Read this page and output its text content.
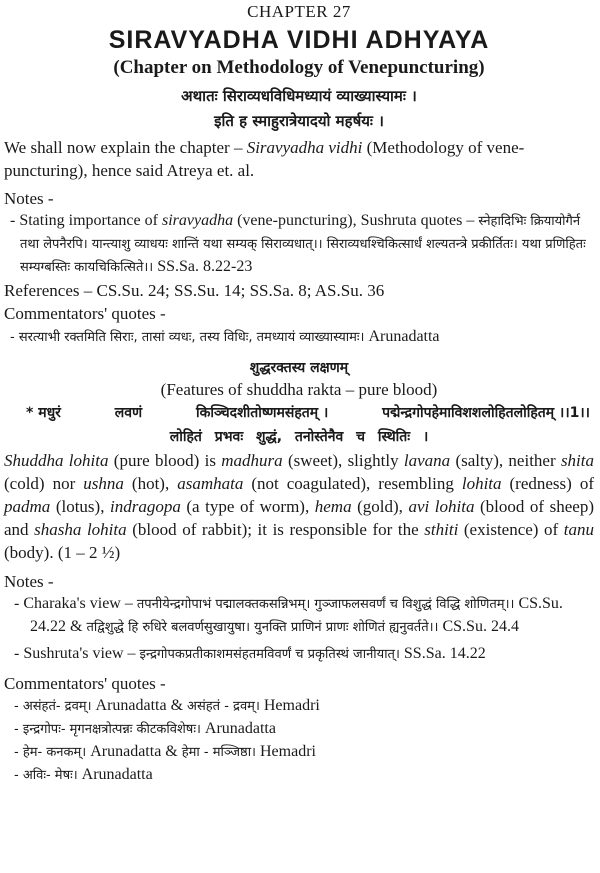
CHAPTER 27
SIRAVYADHA VIDHI ADHYAYA
(Chapter on Methodology of Venepuncturing)
अथातः सिराव्यधविधिमध्यायं व्याख्यास्यामः ।
इति ह स्माहुरात्रेयादयो महर्षयः ।

We shall now explain the chapter – Siravyadha vidhi (Methodology of vene-puncturing), hence said Atreya et. al.

Notes -

- Stating importance of siravyadha (vene-puncturing), Sushruta quotes – स्नेहादिभिः क्रियायोगैर्न तथा लेपनैरपि। यान्त्याशु व्याधयः शान्तिं यथा सम्यक् सिराव्यधात्।। सिराव्यधश्चिकित्सार्धं शल्यतन्त्रे प्रकीर्तितः। यथा प्रणिहितः सम्यग्बस्तिः कायचिकित्सिते।। SS.Sa. 8.22-23

References – CS.Su. 24; SS.Su. 14; SS.Sa. 8; AS.Su. 36

Commentators' quotes -

- सरत्याभी रक्तमिति सिराः, तासां व्यधः, तस्य विधिः, तमध्यायं व्याख्यास्यामः। Arunadatta

शुद्धरक्तस्य लक्षणम्
(Features of shuddha rakta – pure blood)
* मधुरं	लवणं	किञ्चिदशीतोष्णमसंहतम् ।	पद्मेन्द्रगोपहेमाविशशलोहितलोहितम् ।।1।।
लोहितं प्रभवः शुद्धं, तनोस्तेनैव च स्थितिः ।

Shuddha lohita (pure blood) is madhura (sweet), slightly lavana (salty), neither shita (cold) nor ushna (hot), asamhata (not coagulated), resembling lohita (redness) of padma (lotus), indragopa (a type of worm), hema (gold), avi lohita (blood of sheep) and shasha lohita (blood of rabbit); it is responsible for the sthiti (existence) of tanu (body). (1 – 2 ½)

Notes -

- Charaka's view – तपनीयेन्द्रगोपाभं पद्मालक्तकसन्निभम्। गुञ्जाफलसवर्णं च विशुद्धं विद्धि शोणितम्।। CS.Su. 24.22 & तद्विशुद्धे हि रुधिरे बलवर्णसुखायुषा। युनक्ति प्राणिनं प्राणः शोणितं ह्यनुवर्तते।। CS.Su. 24.4

- Sushruta's view – इन्द्रगोपकप्रतीकाशमसंहतमविवर्णं च प्रकृतिस्थं जानीयात्। SS.Sa. 14.22

Commentators' quotes -

- असंहतं- द्रवम्। Arunadatta & असंहतं - द्रवम्। Hemadri
- इन्द्रगोपः- मृगनक्षत्रोत्पन्नः कीटकविशेषः। Arunadatta
- हेम- कनकम्। Arunadatta & हेमा - मञ्जिष्ठा। Hemadri
- अविः- मेषः। Arunadatta
